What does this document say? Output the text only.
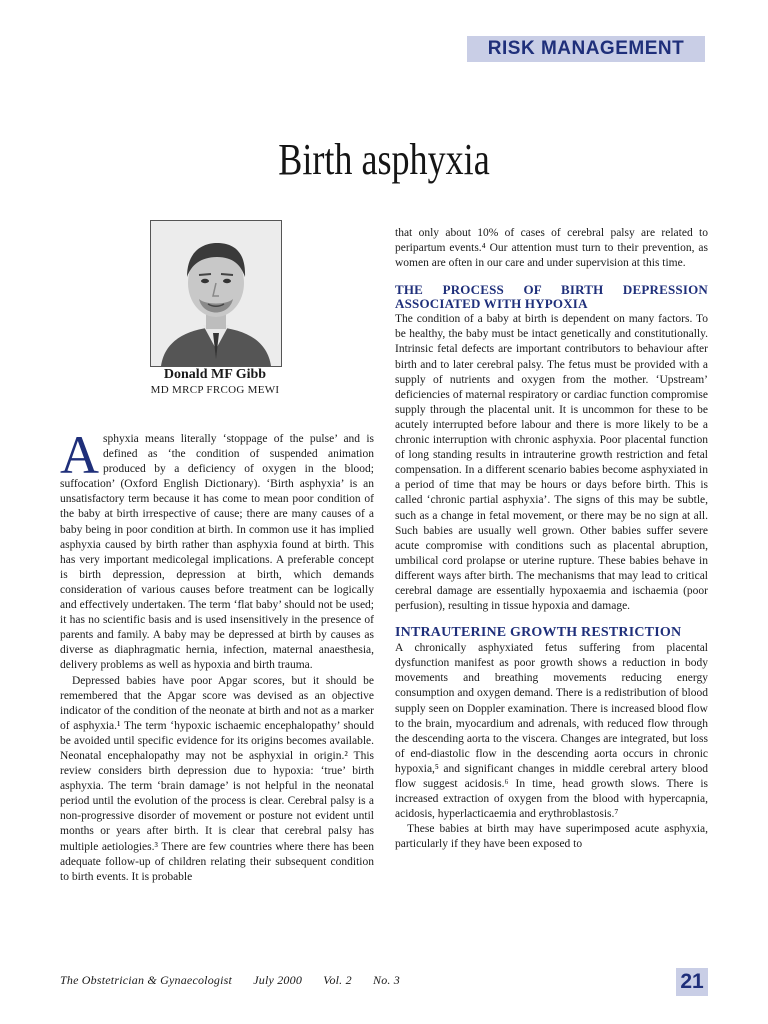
RISK MANAGEMENT
Birth asphyxia
Donald MF Gibb
MD MRCP FRCOG MEWI

Asphyxia means literally ‘stoppage of the pulse’ and is defined as ‘the condition of suspended animation produced by a deficiency of oxygen in the blood; suffocation’ (Oxford English Dictionary). ‘Birth asphyxia’ is an unsatisfactory term because it has come to mean poor condition of the baby at birth irrespective of cause; there are many causes of a baby being in poor condition at birth. In common use it has implied asphyxia caused by birth rather than asphyxia found at birth. This has very important medicolegal implications. A preferable concept is birth depression, depression at birth, which demands consideration of various causes before treatment can be logically and effectively undertaken. The term ‘flat baby’ should not be used; it has no scientific basis and is used insensitively in the presence of parents and family. A baby may be depressed at birth by causes as diverse as diaphragmatic hernia, infection, maternal anaesthesia, delivery problems as well as hypoxia and birth trauma.

Depressed babies have poor Apgar scores, but it should be remembered that the Apgar score was devised as an objective indicator of the condition of the neonate at birth and not as a marker of asphyxia.¹ The term ‘hypoxic ischaemic encephalopathy’ should be avoided until specific evidence for its origins becomes available. Neonatal encephalopathy may not be asphyxial in origin.² This review considers birth depression due to hypoxia: ‘true’ birth asphyxia. The term ‘brain damage’ is not helpful in the neonatal period until the evolution of the process is clear. Cerebral palsy is a non-progressive disorder of movement or posture not evident until months or years after birth. It is clear that cerebral palsy has multiple aetiologies.³ There are few countries where there has been adequate follow-up of children relating their subsequent condition to birth events. It is probable

that only about 10% of cases of cerebral palsy are related to peripartum events.⁴ Our attention must turn to their prevention, as women are often in our care and under supervision at this time.

THE PROCESS OF BIRTH DEPRESSION ASSOCIATED WITH HYPOXIA

The condition of a baby at birth is dependent on many factors. To be healthy, the baby must be intact genetically and constitutionally. Intrinsic fetal defects are important contributors to behaviour after birth and to later cerebral palsy. The fetus must be provided with a supply of nutrients and oxygen from the mother. ‘Upstream’ deficiencies of maternal respiratory or cardiac function compromise supply through the placental unit. It is uncommon for these to be acutely interrupted before labour and there is more likely to be a chronic interruption with chronic asphyxia. Poor placental function of long standing results in intrauterine growth restriction and fetal compensation. In a different scenario babies become asphyxiated in a period of time that may be hours or days before birth. This is called ‘chronic partial asphyxia’. The signs of this may be subtle, such as a change in fetal movement, or there may be no sign at all. Such babies are usually well grown. Other babies suffer severe acute compromise with conditions such as placental abruption, umbilical cord prolapse or uterine rupture. These babies behave in different ways after birth. The mechanisms that may lead to critical cerebral damage are essentially hypoxaemia and ischaemia (poor perfusion), resulting in tissue hypoxia and damage.

INTRAUTERINE GROWTH RESTRICTION

A chronically asphyxiated fetus suffering from placental dysfunction manifest as poor growth shows a reduction in body movements and breathing movements reducing energy consumption and oxygen demand. There is a redistribution of blood supply seen on Doppler examination. There is increased blood flow to the brain, myocardium and adrenals, with reduced flow through the descending aorta to the viscera. Changes are integrated, but loss of end-diastolic flow in the descending aorta occurs in chronic hypoxia,⁵ and significant changes in middle cerebral artery blood flow suggest acidosis.⁶ In time, head growth slows. There is increased extraction of oxygen from the blood with hypercapnia, acidosis, hyperlacticaemia and erythroblastosis.⁷

These babies at birth may have superimposed acute asphyxia, particularly if they have been exposed to

The Obstetrician & Gynaecologist July 2000 Vol. 2 No. 3	21
